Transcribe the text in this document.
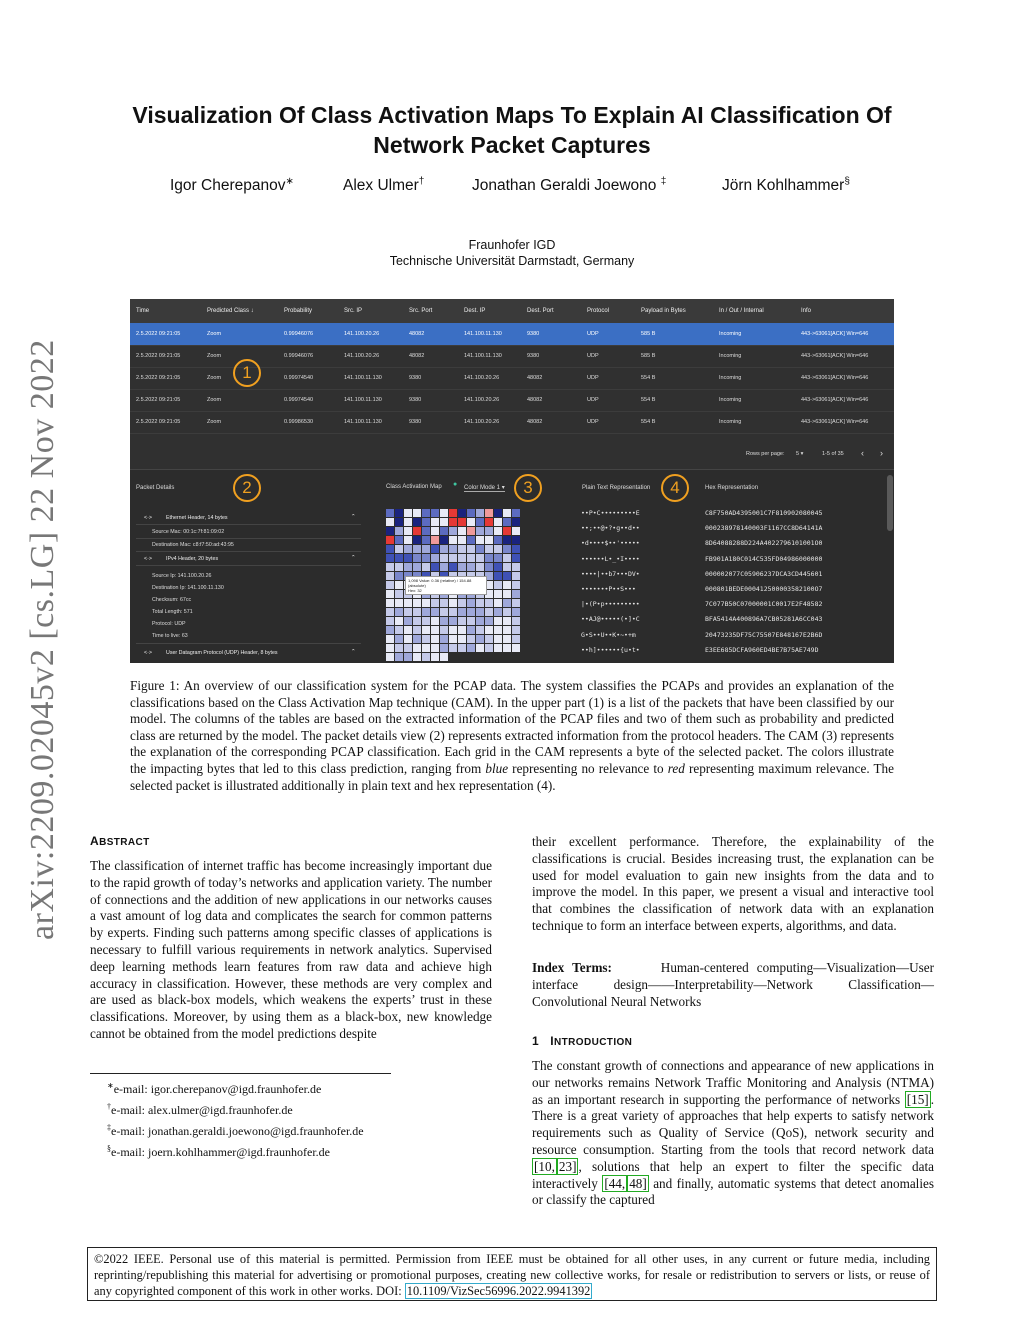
Visualization Of Class Activation Maps To Explain AI Classification Of
Network Packet Captures
Igor Cherepanov∗	Alex Ulmer†	Jonathan Geraldi Joewono ‡	Jörn Kohlhammer§
Fraunhofer IGD
Technische Universität Darmstadt, Germany
arXiv:2209.02045v2 [cs.LG] 22 Nov 2022
Time	Predicted Class ↓	Probability	Src. IP	Src. Port	Dest. IP	Dest. Port	Protocol	Payload in Bytes	In / Out / Internal	Info
2.5.2022 09:21:05	Zoom	0.99946076	141.100.20.26	48082	141.100.11.130	9380	UDP	585 B	Incoming	443->63061[ACK] Win=646
2.5.2022 09:21:05	Zoom	0.99946076	141.100.20.26	48082	141.100.11.130	9380	UDP	585 B	Incoming	443->63061[ACK] Win=646
2.5.2022 09:21:05	Zoom	0.99974540	141.100.11.130	9380	141.100.20.26	48082	UDP	554 B	Incoming	443->63061[ACK] Win=646
2.5.2022 09:21:05	Zoom	0.99974540	141.100.11.130	9380	141.100.20.26	48082	UDP	554 B	Incoming	443->63061[ACK] Win=646
2.5.2022 09:21:05	Zoom	0.99986530	141.100.11.130	9380	141.100.20.26	48082	UDP	554 B	Incoming	443->63061[ACK] Win=646
1
Rows per page: 5 ▾	1-5 of 35 ‹ ›
Packet Details	2	Class Activation Map ● Color Mode 1 ▾	3	Plain Text Representation	4	Hex Representation
<·>	Ethernet Header, 14 bytes	⌃
Source Mac: 00:1c:7f:81:09:02
Destination Mac: c8:f7:50:ad:43:95
<·>	IPv4 Header, 20 bytes	⌃
Source Ip: 141.100.20.26
Destination Ip: 141.100.11.130
Checksum: 67cc
Total Length: 571
Protocol: UDP
Time to live: 63
<·>	User Datagram Protocol (UDP) Header, 8 bytes	⌃
1,098 Value: 0.36 (relative) / 154.88 (absolute)
Hex: 32
••P•C•••••••••E
••;••@•?•g••d••
•d••••$••'•••••
••••••L•_•I••••
••••|••b7•••DV•
•••••••P••S•••
|•(P•p•••••••••
••AJ@•••••(•]•C
G•S••U••K•~•+m
••h]••••••{u•t•
C8F750AD4395001C7F810902080045
000238978140003F1167CC8D64141A
8D64088288D224A4022796101001O0
FB901A180C014C535FD04986000000
000002077C05906237DCA3CD445601
000801BEDE000412500003582100O7
7C077B50C07000001C0017E2F48582
BFA5414A400896A7CB05281A6CC043
20473235DF75C75507E848167E2B6D
E3EE685DCFA960ED4BE7B75AE749D
Figure 1: An overview of our classification system for the PCAP data. The system classifies the PCAPs and provides an explanation of the classifications based on the Class Activation Map technique (CAM). In the upper part (1) is a list of the packets that have been classified by our model. The columns of the tables are based on the extracted information of the PCAP files and two of them such as probability and predicted class are returned by the model. The packet details view (2) represents extracted information from the protocol headers. The CAM (3) represents the explanation of the corresponding PCAP classification. Each grid in the CAM represents a byte of the selected packet. The colors illustrate the impacting bytes that led to this class prediction, ranging from blue representing no relevance to red representing maximum relevance. The selected packet is illustrated additionally in plain text and hex representation (4).
ABSTRACT
The classification of internet traffic has become increasingly important due to the rapid growth of today’s networks and application variety. The number of connections and the addition of new applications in our networks causes a vast amount of log data and complicates the search for common patterns by experts. Finding such patterns among specific classes of applications is necessary to fulfill various requirements in network analytics. Supervised deep learning methods learn features from raw data and achieve high accuracy in classification. However, these methods are very complex and are used as black-box models, which weakens the experts’ trust in these classifications. Moreover, by using them as a black-box, new knowledge cannot be obtained from the model predictions despite
∗e-mail: igor.cherepanov@igd.fraunhofer.de
†e-mail: alex.ulmer@igd.fraunhofer.de
‡e-mail: jonathan.geraldi.joewono@igd.fraunhofer.de
§e-mail: joern.kohlhammer@igd.fraunhofer.de
their excellent performance. Therefore, the explainability of the classifications is crucial. Besides increasing trust, the explanation can be used for model evaluation to gain new insights from the data and to improve the model. In this paper, we present a visual and interactive tool that combines the classification of network data with an explanation technique to form an interface between experts, algorithms, and data.
Index Terms:	Human-centered computing—Visualization—User interface design——Interpretability—Network Classification—Convolutional Neural Networks
1 INTRODUCTION
The constant growth of connections and appearance of new applications in our networks remains Network Traffic Monitoring and Analysis (NTMA) as an important research in supporting the performance of networks [15] . There is a great variety of approaches that help experts to satisfy network requirements such as Quality of Service (QoS), network security and resource consumption. Starting from the tools that record network data [10, 23] , solutions that help an expert to filter the specific data interactively [44, 48] and finally, automatic systems that detect anomalies or classify the captured
©2022 IEEE. Personal use of this material is permitted. Permission from IEEE must be obtained for all other uses, in any current or future media, including reprinting/republishing this material for advertising or promotional purposes, creating new collective works, for resale or redistribution to servers or lists, or reuse of any copyrighted component of this work in other works. DOI: 10.1109/VizSec56996.2022.9941392
